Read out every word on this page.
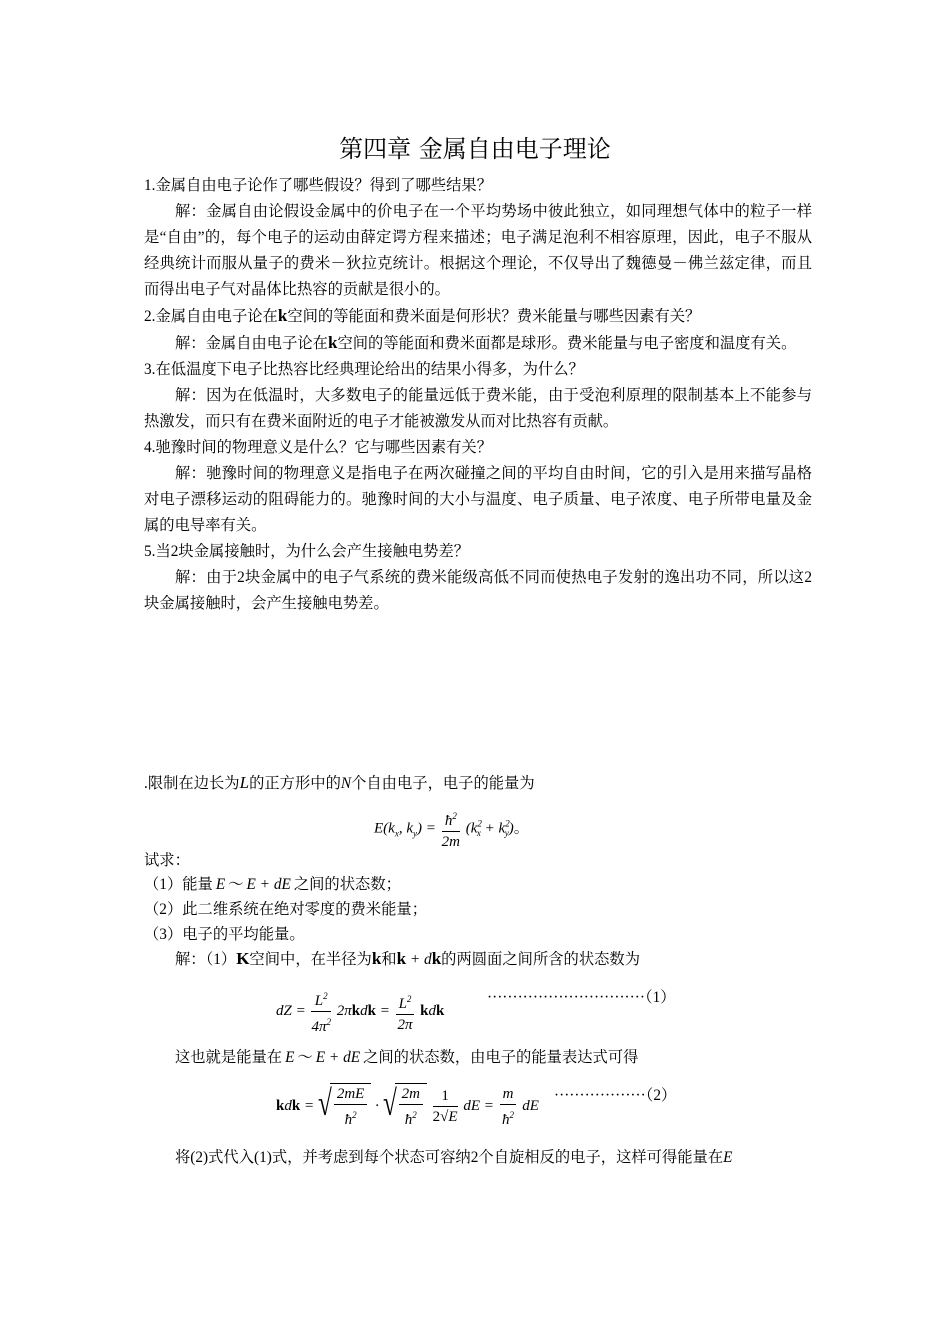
第四章 金属自由电子理论

1.金属自由电子论作了哪些假设？得到了哪些结果？

解：金属自由论假设金属中的价电子在一个平均势场中彼此独立，如同理想气体中的粒子一样是“自由”的，每个电子的运动由薛定谔方程来描述；电子满足泡利不相容原理，因此，电子不服从经典统计而服从量子的费米－狄拉克统计。根据这个理论，不仅导出了魏德曼－佛兰兹定律，而且而得出电子气对晶体比热容的贡献是很小的。

2.金属自由电子论在k空间的等能面和费米面是何形状？费米能量与哪些因素有关？

解：金属自由电子论在k空间的等能面和费米面都是球形。费米能量与电子密度和温度有关。

3.在低温度下电子比热容比经典理论给出的结果小得多，为什么？

解：因为在低温时，大多数电子的能量远低于费米能，由于受泡利原理的限制基本上不能参与热激发，而只有在费米面附近的电子才能被激发从而对比热容有贡献。

4.驰豫时间的物理意义是什么？它与哪些因素有关？

解：驰豫时间的物理意义是指电子在两次碰撞之间的平均自由时间，它的引入是用来描写晶格对电子漂移运动的阻碍能力的。驰豫时间的大小与温度、电子质量、电子浓度、电子所带电量及金属的电导率有关。

5.当2块金属接触时，为什么会产生接触电势差？

解：由于2块金属中的电子气系统的费米能级高低不同而使热电子发射的逸出功不同，所以这2块金属接触时，会产生接触电势差。

.限制在边长为L的正方形中的N个自由电子，电子的能量为
$E(k_x$, $k_y) = \frac{ħ^2}{2m} (k^2_x + k^2_y)$。
试求：
（1）能量 E ～ E + dE 之间的状态数；
（2）此二维系统在绝对零度的费米能量；
（3）电子的平均能量。
解：（1）K空间中，在半径为k和k + dk的两圆面之间所含的状态数为
dZ = $\frac{L^2}{4\pi^2} 2\pi kdk = \frac{L^2}{2\pi}$ kdk
·······························（1）
这也就是能量在 E ～ E + dE 之间的状态数，由电子的能量表达式可得
kdk = √ $\frac{2mE}{ħ^2}$ · √ $\frac{2m}{ħ^2}$
$\frac{1}{2√E}$ dE = $\frac{m}{ħ^2}$ dE
··················（2）
将(2)式代入(1)式，并考虑到每个状态可容纳2个自旋相反的电子，这样可得能量在E
